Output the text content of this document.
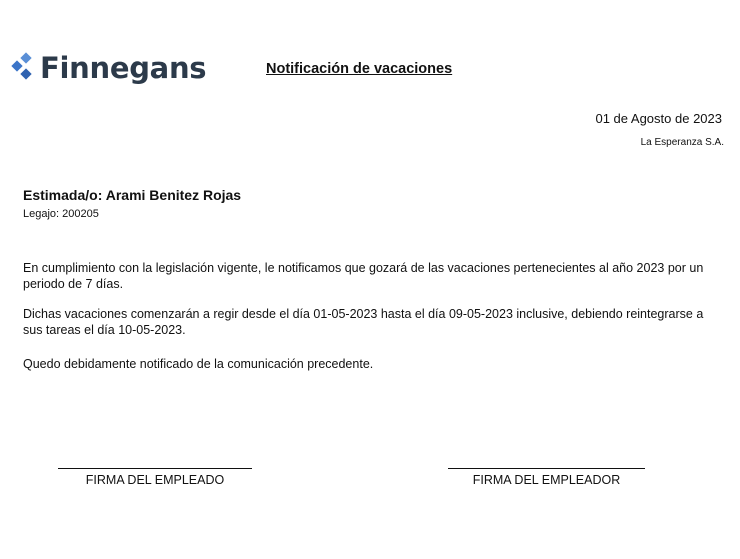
Finnegans	Notificación de vacaciones
01 de Agosto de 2023
La Esperanza S.A.
Estimada/o: Arami Benitez Rojas
Legajo: 200205
En cumplimiento con la legislación vigente, le notificamos que gozará de las vacaciones pertenecientes al año 2023 por un periodo de 7 días.
Dichas vacaciones comenzarán a regir desde el día 01-05-2023 hasta el día 09-05-2023 inclusive, debiendo reintegrarse a sus tareas el día 10-05-2023.
Quedo debidamente notificado de la comunicación precedente.
FIRMA DEL EMPLEADO	FIRMA DEL EMPLEADOR
